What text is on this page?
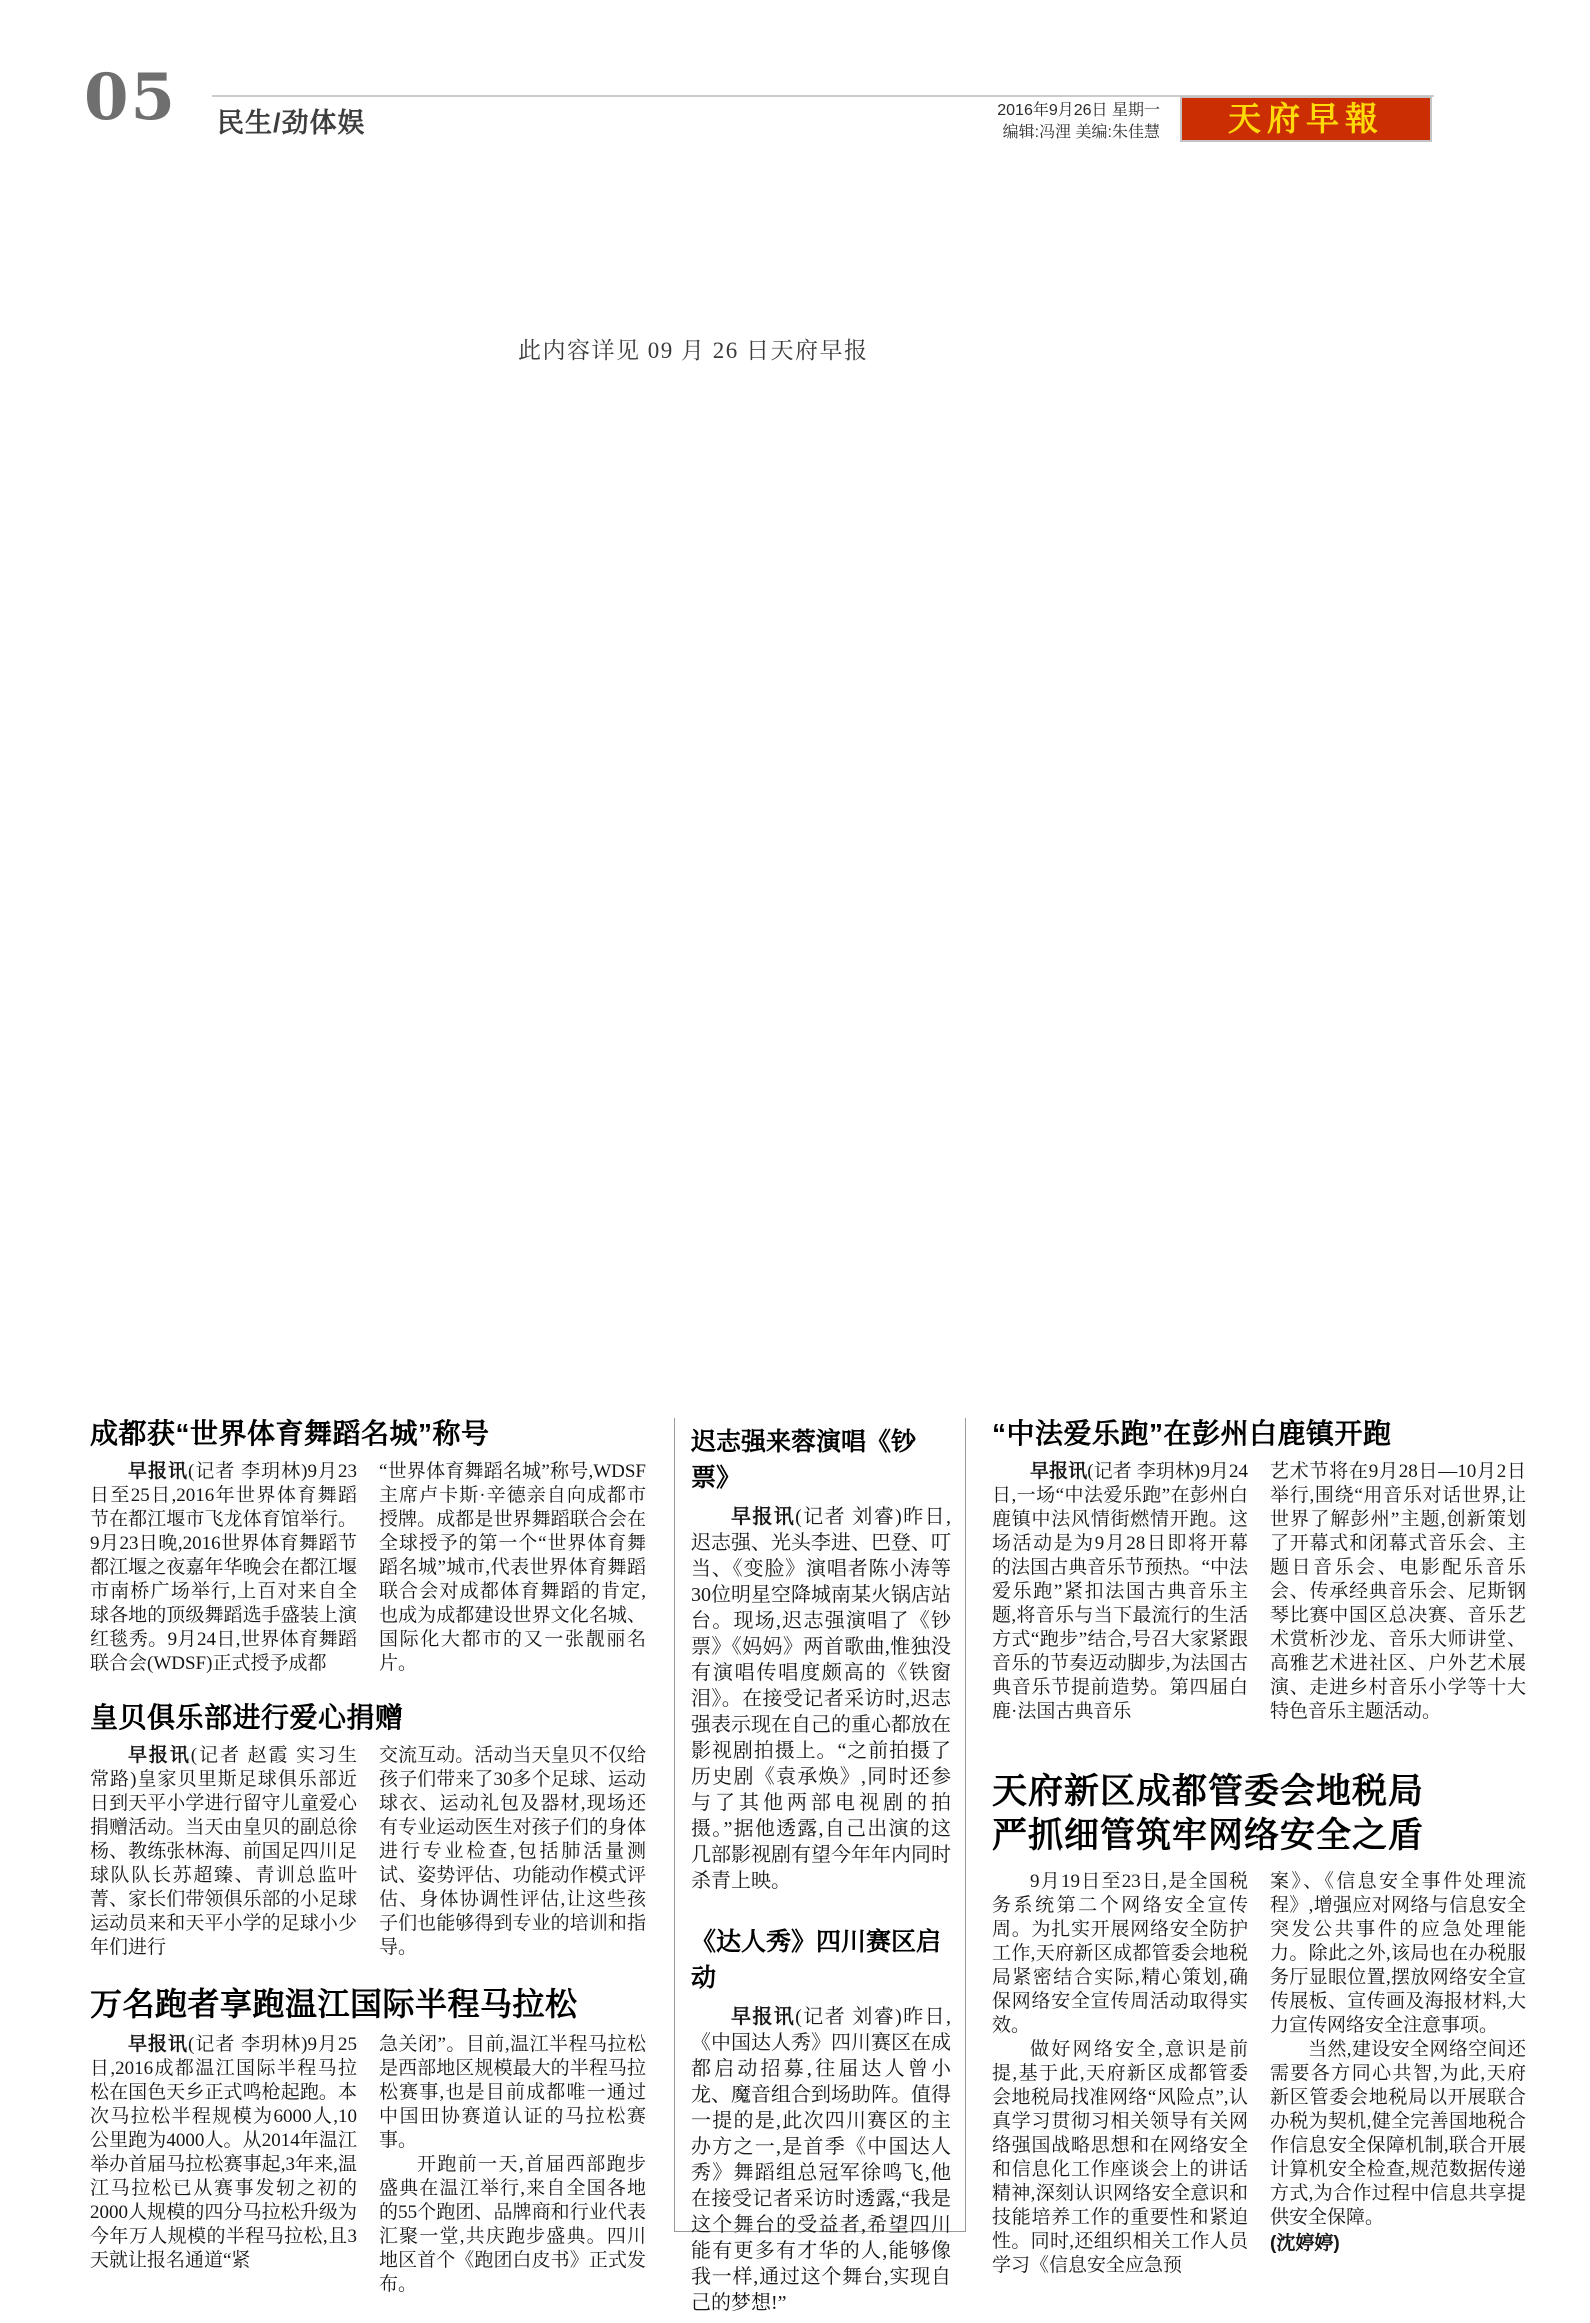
05 民生/劲体娱	2016年9月26日 星期一
编辑:冯浬 美编:朱佳慧	天府早報
此内容详见 09 月 26 日天府早报
成都获“世界体育舞蹈名城”称号

早报讯(记者 李玥林)9月23日至25日,2016年世界体育舞蹈节在都江堰市飞龙体育馆举行。9月23日晚,2016世界体育舞蹈节都江堰之夜嘉年华晚会在都江堰市南桥广场举行,上百对来自全球各地的顶级舞蹈选手盛装上演红毯秀。9月24日,世界体育舞蹈联合会(WDSF)正式授予成都

“世界体育舞蹈名城”称号,WDSF主席卢卡斯·辛德亲自向成都市授牌。成都是世界舞蹈联合会在全球授予的第一个“世界体育舞蹈名城”城市,代表世界体育舞蹈联合会对成都体育舞蹈的肯定,也成为成都建设世界文化名城、国际化大都市的又一张靓丽名片。

皇贝俱乐部进行爱心捐赠

早报讯(记者 赵霞 实习生 常路)皇家贝里斯足球俱乐部近日到天平小学进行留守儿童爱心捐赠活动。当天由皇贝的副总徐杨、教练张林海、前国足四川足球队队长苏超臻、青训总监叶菁、家长们带领俱乐部的小足球运动员来和天平小学的足球小少年们进行

交流互动。活动当天皇贝不仅给孩子们带来了30多个足球、运动球衣、运动礼包及器材,现场还有专业运动医生对孩子们的身体进行专业检查,包括肺活量测试、姿势评估、功能动作模式评估、身体协调性评估,让这些孩子们也能够得到专业的培训和指导。

万名跑者享跑温江国际半程马拉松

早报讯(记者 李玥林)9月25日,2016成都温江国际半程马拉松在国色天乡正式鸣枪起跑。本次马拉松半程规模为6000人,10公里跑为4000人。从2014年温江举办首届马拉松赛事起,3年来,温江马拉松已从赛事发轫之初的2000人规模的四分马拉松升级为今年万人规模的半程马拉松,且3天就让报名通道“紧

急关闭”。目前,温江半程马拉松是西部地区规模最大的半程马拉松赛事,也是目前成都唯一通过中国田协赛道认证的马拉松赛事。

开跑前一天,首届西部跑步盛典在温江举行,来自全国各地的55个跑团、品牌商和行业代表汇聚一堂,共庆跑步盛典。四川地区首个《跑团白皮书》正式发布。

迟志强来蓉演唱《钞票》

早报讯(记者 刘睿)昨日,迟志强、光头李进、巴登、叮当、《变脸》演唱者陈小涛等30位明星空降城南某火锅店站台。现场,迟志强演唱了《钞票》《妈妈》两首歌曲,惟独没有演唱传唱度颇高的《铁窗泪》。在接受记者采访时,迟志强表示现在自己的重心都放在影视剧拍摄上。“之前拍摄了历史剧《袁承焕》,同时还参与了其他两部电视剧的拍摄。”据他透露,自己出演的这几部影视剧有望今年年内同时杀青上映。

《达人秀》四川赛区启动

早报讯(记者 刘睿)昨日,《中国达人秀》四川赛区在成都启动招募,往届达人曾小龙、魔音组合到场助阵。值得一提的是,此次四川赛区的主办方之一,是首季《中国达人秀》舞蹈组总冠军徐鸣飞,他在接受记者采访时透露,“我是这个舞台的受益者,希望四川能有更多有才华的人,能够像我一样,通过这个舞台,实现自己的梦想!”

“中法爱乐跑”在彭州白鹿镇开跑

早报讯(记者 李玥林)9月24日,一场“中法爱乐跑”在彭州白鹿镇中法风情街燃情开跑。这场活动是为9月28日即将开幕的法国古典音乐节预热。“中法爱乐跑”紧扣法国古典音乐主题,将音乐与当下最流行的生活方式“跑步”结合,号召大家紧跟音乐的节奏迈动脚步,为法国古典音乐节提前造势。第四届白鹿·法国古典音乐

艺术节将在9月28日—10月2日举行,围绕“用音乐对话世界,让世界了解彭州”主题,创新策划了开幕式和闭幕式音乐会、主题日音乐会、电影配乐音乐会、传承经典音乐会、尼斯钢琴比赛中国区总决赛、音乐艺术赏析沙龙、音乐大师讲堂、高雅艺术进社区、户外艺术展演、走进乡村音乐小学等十大特色音乐主题活动。

天府新区成都管委会地税局
严抓细管筑牢网络安全之盾

9月19日至23日,是全国税务系统第二个网络安全宣传周。为扎实开展网络安全防护工作,天府新区成都管委会地税局紧密结合实际,精心策划,确保网络安全宣传周活动取得实效。

做好网络安全,意识是前提,基于此,天府新区成都管委会地税局找准网络“风险点”,认真学习贯彻习相关领导有关网络强国战略思想和在网络安全和信息化工作座谈会上的讲话精神,深刻认识网络安全意识和技能培养工作的重要性和紧迫性。同时,还组织相关工作人员学习《信息安全应急预

案》、《信息安全事件处理流程》,增强应对网络与信息安全突发公共事件的应急处理能力。除此之外,该局也在办税服务厅显眼位置,摆放网络安全宣传展板、宣传画及海报材料,大力宣传网络安全注意事项。

当然,建设安全网络空间还需要各方同心共智,为此,天府新区管委会地税局以开展联合办税为契机,健全完善国地税合作信息安全保障机制,联合开展计算机安全检查,规范数据传递方式,为合作过程中信息共享提供安全保障。

(沈婷婷)
